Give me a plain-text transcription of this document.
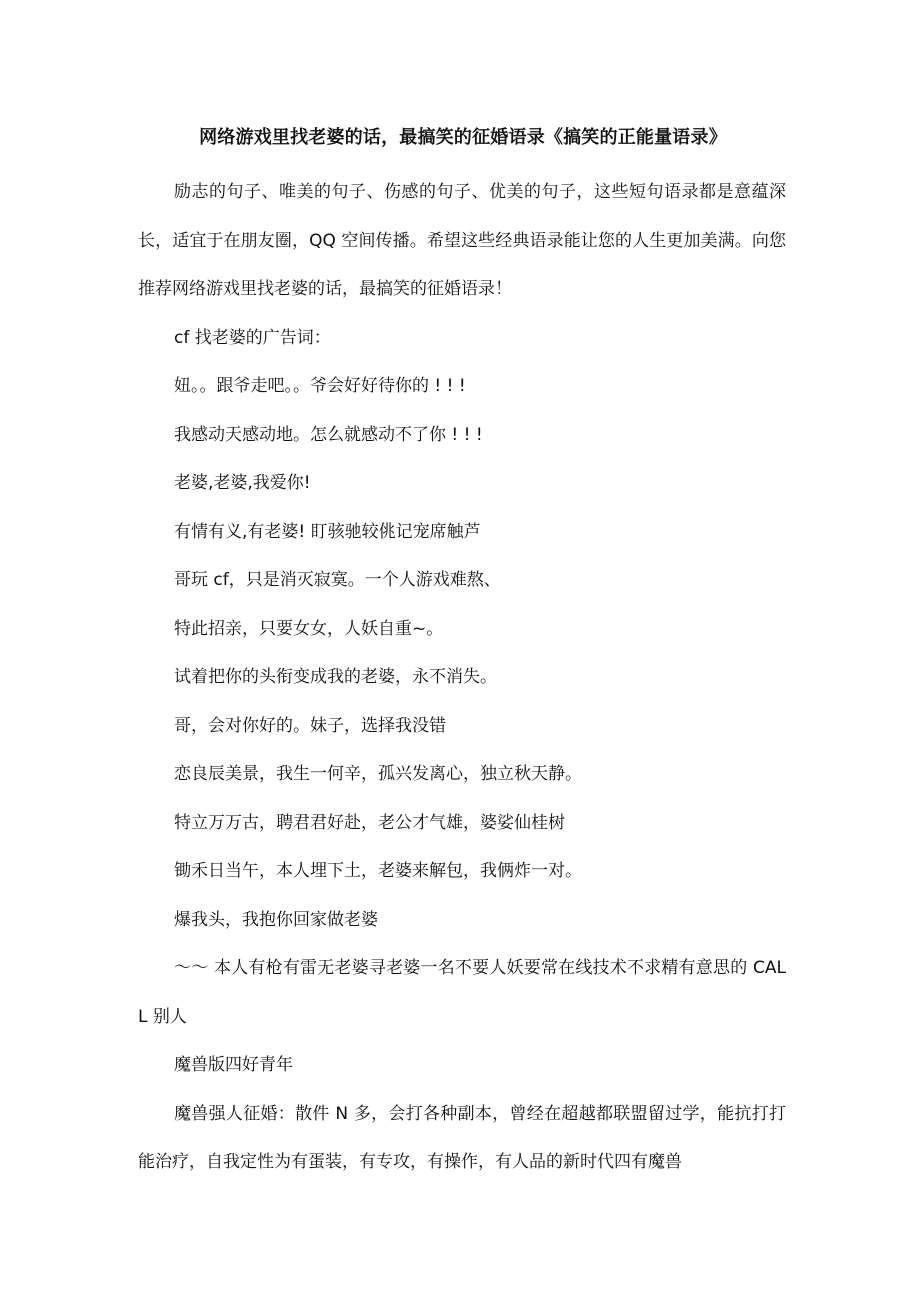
网络游戏里找老婆的话，最搞笑的征婚语录《搞笑的正能量语录》

励志的句子、唯美的句子、伤感的句子、优美的句子，这些短句语录都是意蕴深长，适宜于在朋友圈，QQ 空间传播。希望这些经典语录能让您的人生更加美满。向您推荐网络游戏里找老婆的话，最搞笑的征婚语录！

cf 找老婆的广告词：

妞。。跟爷走吧。。爷会好好待你的 ! ! !

我感动天感动地。怎么就感动不了你 ! ! !

老婆,老婆,我爱你!

有情有义,有老婆! 盯骇驰较佻记宠席触芦

哥玩 cf，只是消灭寂寞。一个人游戏难熬、

特此招亲，只要女女，人妖自重~。

试着把你的头衔变成我的老婆，永不消失。

哥，会对你好的。妹子，选择我没错

恋良辰美景，我生一何辛，孤兴发离心，独立秋天静。

特立万万古，聘君君好赴，老公才气雄，婆娑仙桂树

锄禾日当午，本人埋下土，老婆来解包，我俩炸一对。

爆我头，我抱你回家做老婆

～～ 本人有枪有雷无老婆寻老婆一名不要人妖要常在线技术不求精有意思的 CALL 别人

魔兽版四好青年

魔兽强人征婚：散件 N 多，会打各种副本，曾经在超越都联盟留过学，能抗打打能治疗，自我定性为有蛋装，有专攻，有操作，有人品的新时代四有魔兽
